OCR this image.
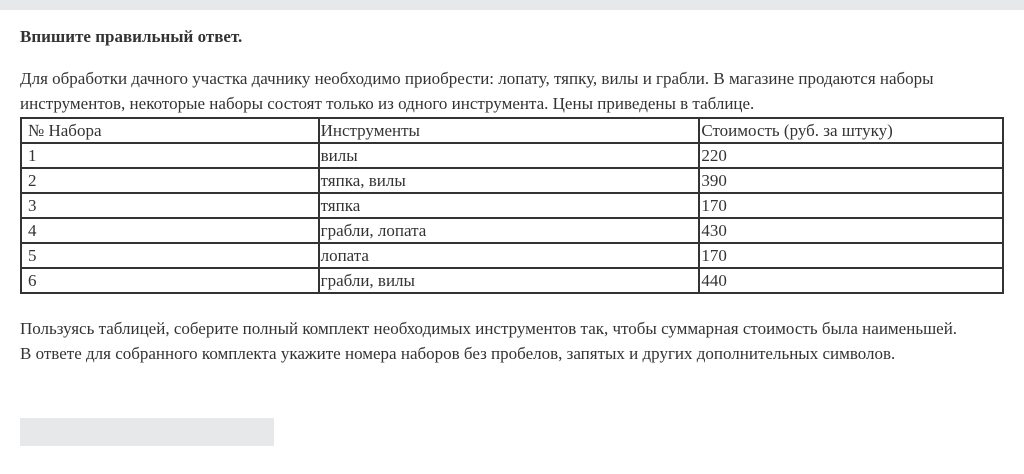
Впишите правильный ответ.
Для обработки дачного участка дачнику необходимо приобрести: лопату, тяпку, вилы и грабли. В магазине продаются наборы инструментов, некоторые наборы состоят только из одного инструмента. Цены приведены в таблице.
№ Набора	Инструменты	Стоимость (руб. за штуку)
1	вилы	220
2	тяпка, вилы	390
3	тяпка	170
4	грабли, лопата	430
5	лопата	170
6	грабли, вилы	440

Пользуясь таблицей, соберите полный комплект необходимых инструментов так, чтобы суммарная стоимость была наименьшей.

В ответе для собранного комплекта укажите номера наборов без пробелов, запятых и других дополнительных символов.
